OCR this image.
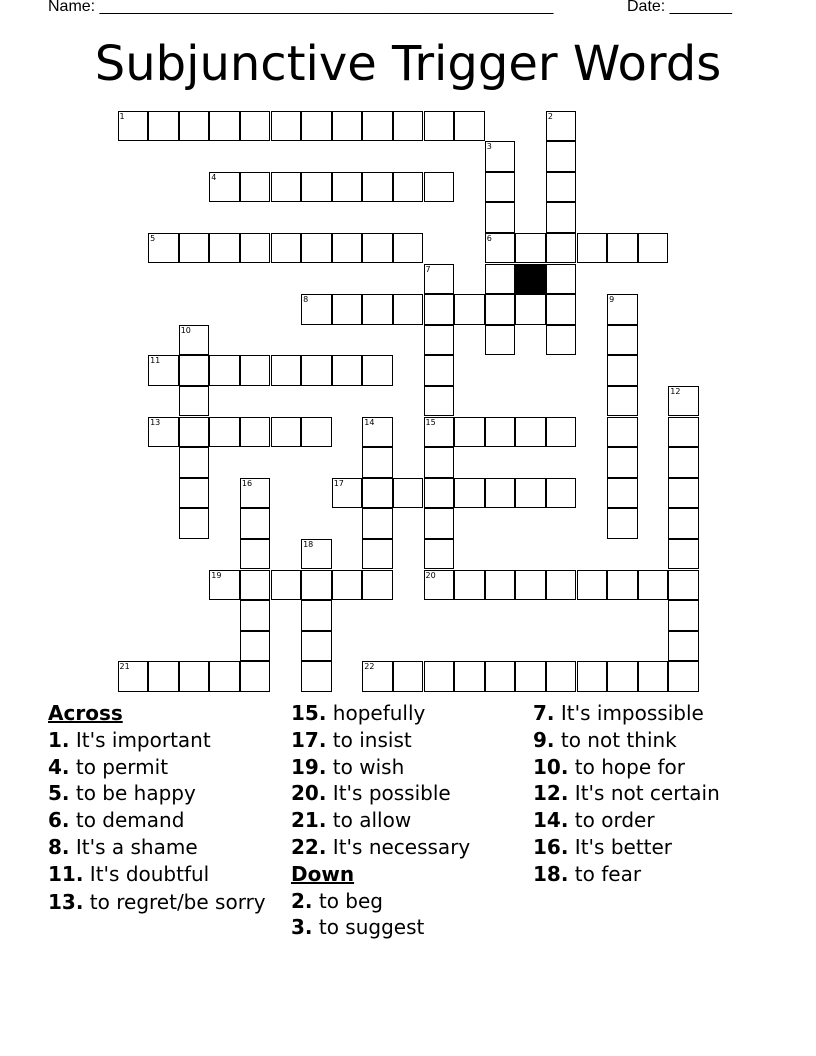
Name: ___________________________________________________	Date: _______
Subjunctive Trigger Words
1	2
3
6
4
5
7
15
8	9
10
11
12
13	14
16	17
18
19	20
21	22
Across
1. It's important
4. to permit
5. to be happy
6. to demand
8. It's a shame
11. It's doubtful
13. to regret/be sorry
15. hopefully
17. to insist
19. to wish
20. It's possible
21. to allow
22. It's necessary
Down
2. to beg
3. to suggest
7. It's impossible
9. to not think
10. to hope for
12. It's not certain
14. to order
16. It's better
18. to fear
